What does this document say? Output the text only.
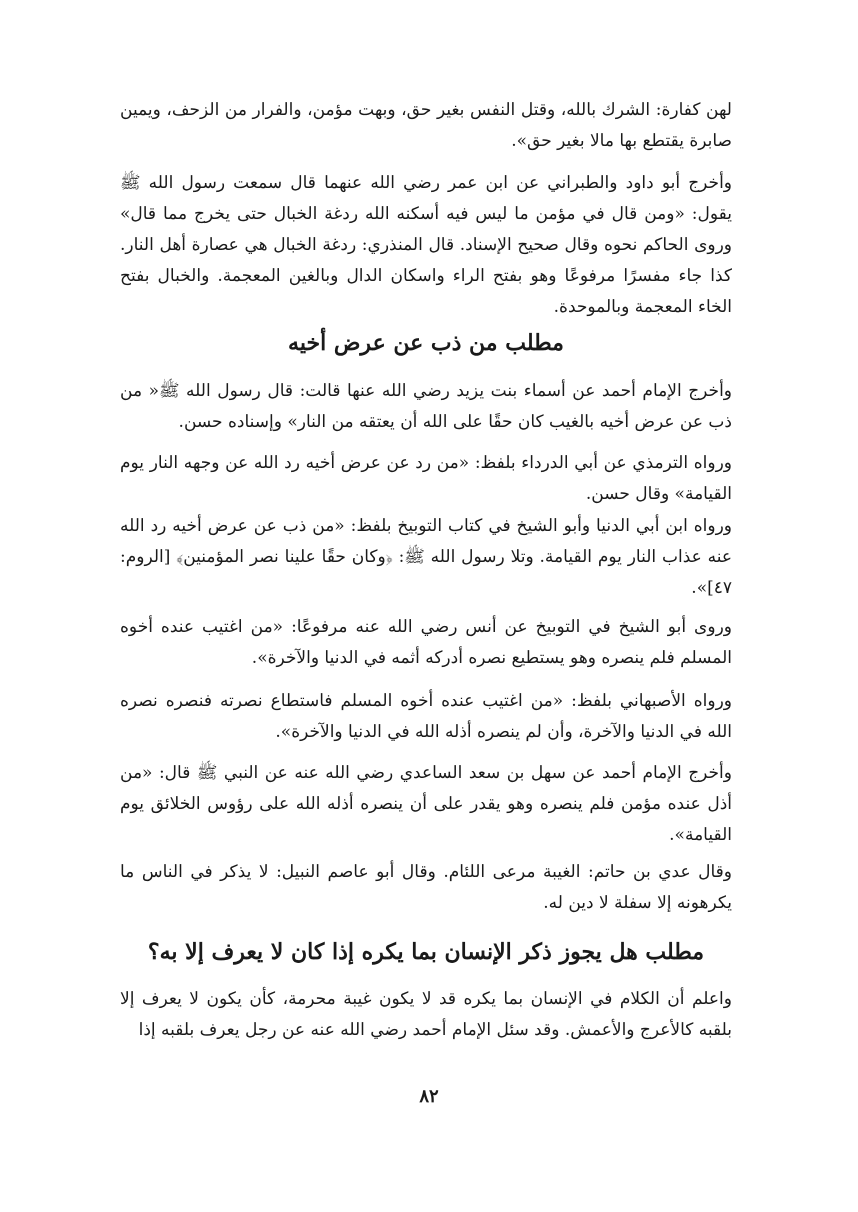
لهن كفارة: الشرك بالله، وقتل النفس بغير حق، وبهت مؤمن، والفرار من الزحف، ويمين صابرة يقتطع بها مالا بغير حق».

وأخرج أبو داود والطبراني عن ابن عمر رضي الله عنهما قال سمعت رسول الله ﷺ يقول: «ومن قال في مؤمن ما ليس فيه أسكنه الله ردغة الخبال حتى يخرج مما قال» وروى الحاكم نحوه وقال صحيح الإسناد. قال المنذري: ردغة الخبال هي عصارة أهل النار. كذا جاء مفسرًا مرفوعًا وهو بفتح الراء واسكان الدال وبالغين المعجمة. والخبال بفتح الخاء المعجمة وبالموحدة.

مطلب من ذب عن عرض أخيه

وأخرج الإمام أحمد عن أسماء بنت يزيد رضي الله عنها قالت: قال رسول الله ﷺ« من ذب عن عرض أخيه بالغيب كان حقًا على الله أن يعتقه من النار» وإسناده حسن.

ورواه الترمذي عن أبي الدرداء بلفظ: «من رد عن عرض أخيه رد الله عن وجهه النار يوم القيامة» وقال حسن.

ورواه ابن أبي الدنيا وأبو الشيخ في كتاب التوبيخ بلفظ: «من ذب عن عرض أخيه رد الله عنه عذاب النار يوم القيامة. وتلا رسول الله ﷺ: ﴿وكان حقًا علينا نصر المؤمنين﴾ [الروم: ٤٧]».

وروى أبو الشيخ في التوبيخ عن أنس رضي الله عنه مرفوعًا: «من اغتيب عنده أخوه المسلم فلم ينصره وهو يستطيع نصره أدركه أثمه في الدنيا والآخرة».

ورواه الأصبهاني بلفظ: «من اغتيب عنده أخوه المسلم فاستطاع نصرته فنصره نصره الله في الدنيا والآخرة، وأن لم ينصره أذله الله في الدنيا والآخرة».

وأخرج الإمام أحمد عن سهل بن سعد الساعدي رضي الله عنه عن النبي ﷺ قال: «من أذل عنده مؤمن فلم ينصره وهو يقدر على أن ينصره أذله الله على رؤوس الخلائق يوم القيامة».

وقال عدي بن حاتم: الغيبة مرعى اللئام. وقال أبو عاصم النبيل: لا يذكر في الناس ما يكرهونه إلا سفلة لا دين له.

مطلب هل يجوز ذكر الإنسان بما يكره إذا كان لا يعرف إلا به؟

واعلم أن الكلام في الإنسان بما يكره قد لا يكون غيبة محرمة، كأن يكون لا يعرف إلا بلقبه كالأعرج والأعمش. وقد سئل الإمام أحمد رضي الله عنه عن رجل يعرف بلقبه إذا

٨٢
